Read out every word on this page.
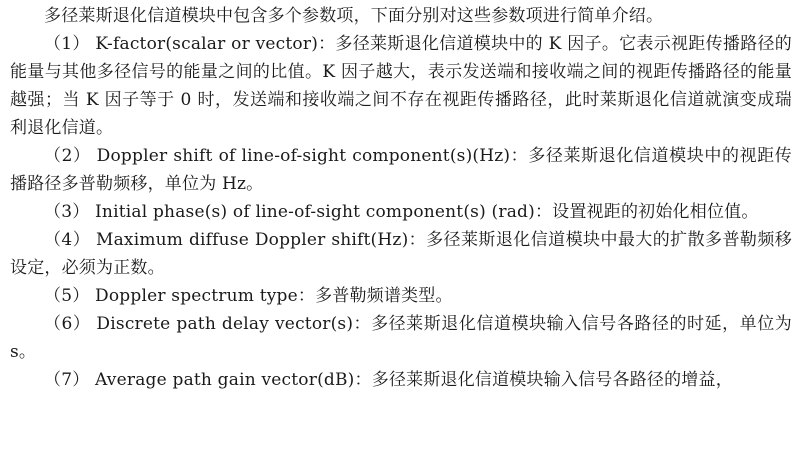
多径莱斯退化信道模块中包含多个参数项，下面分别对这些参数项进行简单介绍。

（1） K-factor(scalar or vector)：多径莱斯退化信道模块中的 K 因子。它表示视距传播路径的能量与其他多径信号的能量之间的比值。K 因子越大，表示发送端和接收端之间的视距传播路径的能量越强；当 K 因子等于 0 时，发送端和接收端之间不存在视距传播路径，此时莱斯退化信道就演变成瑞利退化信道。

（2） Doppler shift of line-of-sight component(s)(Hz)：多径莱斯退化信道模块中的视距传播路径多普勒频移，单位为 Hz。

（3） Initial phase(s) of line-of-sight component(s) (rad)：设置视距的初始化相位值。

（4） Maximum diffuse Doppler shift(Hz)：多径莱斯退化信道模块中最大的扩散多普勒频移设定，必须为正数。

（5） Doppler spectrum type：多普勒频谱类型。

（6） Discrete path delay vector(s)：多径莱斯退化信道模块输入信号各路径的时延，单位为 s。

（7） Average path gain vector(dB)：多径莱斯退化信道模块输入信号各路径的增益，
